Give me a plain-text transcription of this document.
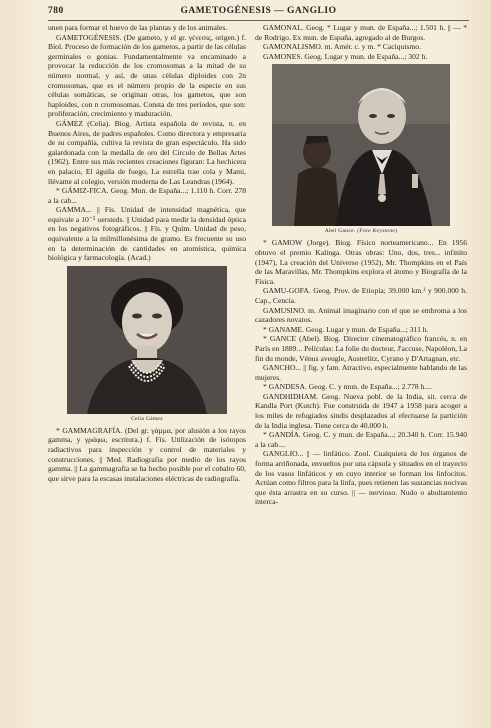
780	GAMETOGÉNESIS — GANGLIO

unen para formar el huevo de las plantas y de los animales.

GAMETOGÉNESIS. (De gameto, y el gr. γένεσις, origen.) f. Biol. Proceso de formación de los gametos, a partir de las células germinales o gonias. Fundamentalmente va encaminado a provocar la reducción de los cromosomas a la mitad de su número normal, y así, de unas células diploides con 2n cromosomas, que es el número propio de la especie en sus células somáticas, se originan otras, los gametos, que son haploides, con n cromosomas. Consta de tres períodos, que son: proliferación, crecimiento y maduración.

GÁMEZ (Celia). Biog. Artista española de revista, n. en Buenos Aires, de padres españoles. Como directora y empresaria de su compañía, cultiva la revista de gran espectáculo. Ha sido galardonada con la medalla de oro del Círculo de Bellas Artes (1962). Entre sus más recientes creaciones figuran: La hechicera en palacio, El águila de fuego, La estrella trae cola y Mami, llévame al colegio, versión moderna de Las Leandras (1964).

* GÁMIZ-FICA. Geog. Mun. de España...; 1.110 h. Corr. 278 a la cab...

GAMMA... || Fís. Unidad de intensidad magnética, que equivale a 10⁻⁵ oersteds. || Unidad para medir la densidad óptica en los negativos fotográficos. || Fís. y Quím. Unidad de peso, equivalente a la milmillonésima de gramo. Es frecuente su uso en la determinación de cantidades en atomística, química biológica y farmacología. (Acad.)

Celia Gámez

* GAMMAGRAFÍA. (Del gr. γάμμα, por alusión a los rayos gamma, y γράφω, escritura.) f. Fís. Utilización de isótopos radiactivos para inspección y control de materiales y construcciones. || Med. Radiografía por medio de los rayos gamma. || La gammagrafía se ha hecho posible por el cobalto 60, que sirve para la escasas instalaciones eléctricas de radiografía.

GAMONAL. Geog. * Lugar y mun. de España...; 1.501 h. || — * de Rodrigo. Ex mun. de España, agregado al de Burgos.

GAMONALISMO. m. Amér. c. y m. * Caciquismo.

GAMONES. Geog. Lugar y mun. de España...; 302 h.

Abel Gance. (Foto Keystone)

* GAMOW (Jorge). Biog. Físico norteamericano... En 1956 obtuvo el premio Kalinga. Otras obras: Uno, dos, tres... infinito (1947), La creación del Universo (1952), Mr. Thompkins en el País de las Maravillas, Mr. Thompkins explora el átomo y Biografía de la Física.

GAMU-GOFA. Geog. Prov. de Etiopía; 39.000 km.² y 900.000 h. Cap., Cencia.

GAMUSINO. m. Animal imaginario con el que se embroma a los cazadores novatos.

* GANAME. Geog. Lugar y mun. de España...; 311 h.

* GANCE (Abel). Biog. Director cinematográfico francés, n. en París en 1889... Películas: La folie du docteur, J'accuse, Napoléon, La fin du monde, Vénus aveugle, Austerlitz, Cyrano y D'Artagnan, etc.

GANCHO... || fig. y fam. Atractivo, especialmente hablando de las mujeres.

* GANDESA. Geog. C. y mun. de España...; 2.778 h....

GANDHIDHAM. Geog. Nueva pobl. de la India, sit. cerca de Kandla Port (Kutch). Fue construida de 1947 a 1958 para acoger a los miles de refugiados sindis desplazados al efectuarse la partición de la India inglesa. Tiene cerca de 40.000 h.

* GANDÍA. Geog. C. y mun. de España...; 20.340 h. Corr. 15.940 a la cab....

GANGLIO... || — linfático. Zool. Cualquiera de los órganos de forma arriñonada, envueltos por una cápsula y situados en el trayecto de los vasos linfáticos y en cuyo interior se forman los linfocitos. Actúan como filtros para la linfa, pues retienen las sustancias nocivas que ésta arrastra en su curso. || — nervioso. Nudo o abultamiento interca-
